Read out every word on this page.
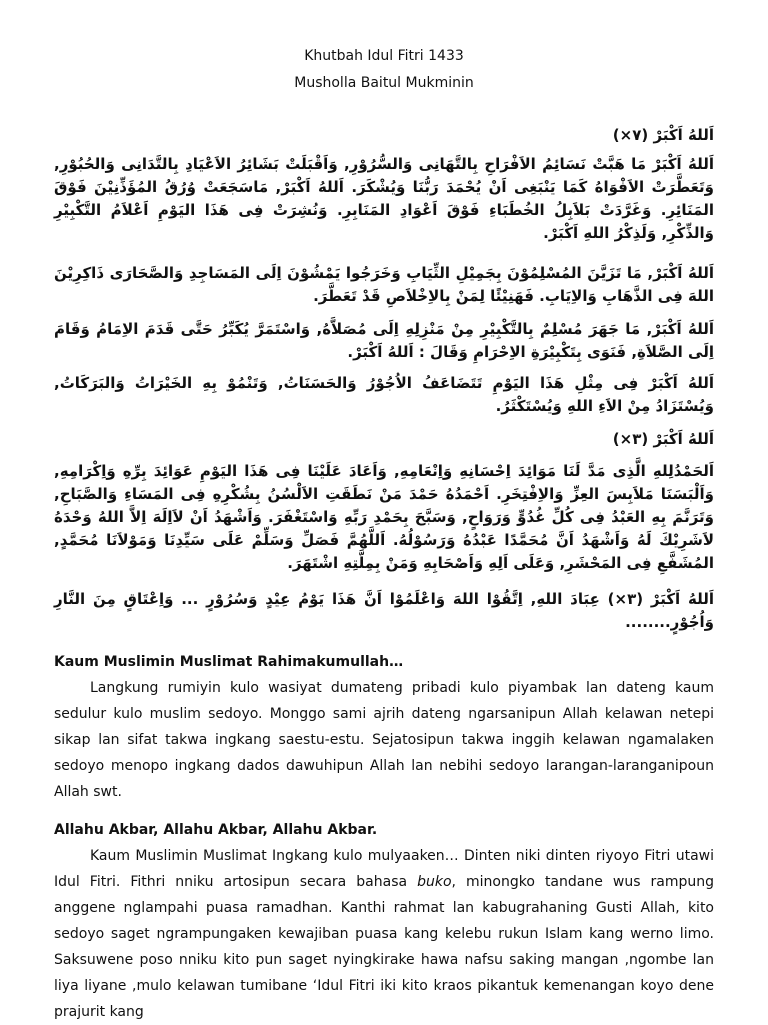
Khutbah Idul Fitri 1433
Musholla Baitul Mukminin
اَللهُ اَكْبَرْ (٧×)
اَللهُ اَكْبَرْ مَا هَبَّتْ نَسَائِمُ الاَفْرَاحِ بِالتَّهَانِى وَالسُّرُوْرِ, وَاَقْبَلَتْ بَشَائِرُ الاَعْيَادِ بِالتَّدَانِى وَالحُبُوْرِ, وَتَعَطَّرَتْ الاَفْوَاهُ كَمَا يَنْبَغِى اَنْ يُحْمَدَ رَبُّنَا وَيُشْكَرَ. اَللهُ اَكْبَرْ, مَاسَجَعَتْ وُرُقُ المُؤَذِّنِيْنَ فَوْقَ المَنَائِرِ. وَغَرَّدَتْ بَلاَبِلُ الخُطَبَاءِ فَوْقَ اَعْوَادِ المَنَابِرِ. وَنُشِرَتْ فِى هَذَا اليَوْمِ اَعْلاَمُ التَّكْبِيْرِ وَالذِّكْرِ, وَلَذِكْرُ اللهِ اَكْبَرْ.
اَللهُ اَكْبَرْ, مَا تَزَيَّنَ المُسْلِمُوْنَ بِجَمِيْلِ الثِّيَابِ وَخَرَجُوا يَمْشُوْنَ اِلَى المَسَاجِدِ وَالصَّحَارَى ذَاكِرِيْنَ اللهَ فِى الذَّهَابِ وَالاِيَابِ. فَهَنِيْئًا لِمَنْ بِالاِخْلاَصِ قَدْ تَعَطَّرَ.
اَللهُ اَكْبَرْ, مَا جَهَرَ مُسْلِمٌ بِالتَّكْبِيْرِ مِنْ مَنْزِلِهِ اِلَى مُصَلاَّهُ, وَاسْتَمَرَّ يُكَبِّرُ حَتَّى قَدَمَ الاِمَامُ وَقَامَ اِلَى الصَّلاَةِ, فَنَوَى بِتَكْبِيْرَةِ الاِحْرَامِ وَقَالَ : اَللهُ اَكْبَرْ.
اَللهُ اَكْبَرْ فِى مِثْلِ هَذَا اليَوْمِ تَتَضَاعَفُ الاُجُوْرُ وَالحَسَنَاتُ, وَتَنْمُوْ بِهِ الخَيْرَاتُ وَالبَرَكَاتُ, وَيُسْتَزَادُ مِنْ الاَءِ اللهِ وَيُسْتَكْثَرُ.
اَللهُ اَكْبَرْ (٣×)
اَلحَمْدُلِلهِ الَّذِى مَدَّ لَنَا مَوَائِدَ اِحْسَانِهِ وَاِنْعَامِهِ, وَاَعَادَ عَلَيْنَا فِى هَذَا اليَوْمِ عَوَائِدَ بِرِّهِ وَاِكْرَامِهِ, وَاَلْبَسَنَا مَلاَبِسَ العِزِّ وَالاِفْتِخَرِ. اَحْمَدُهُ حَمْدَ مَنْ نَطَقَتِ الاَلْسُنُ بِشُكْرِهِ فِى المَسَاءِ وَالصَّبَاحِ, وَتَرَنَّمَ بِهِ العَبْدُ فِى كُلِّ غُدُوٍّ وَرَوَاحٍ, وَسَبَّحَ بِحَمْدِ رَبِّهِ وَاسْتَغْفَرَ. وَاَشْهَدُ اَنْ لاَاِلَهَ اِلاَّ اللهُ وَحْدَهُ لاَشَرِيْكَ لَهُ وَاَشْهَدُ اَنَّ مُحَمَّدًا عَبْدُهُ وَرَسُوْلُهُ. اَللَّهُمَّ فَصَلِّ وَسَلِّمْ عَلَى سَيِّدِنَا وَمَوْلاَنَا مُحَمَّدٍ, المُشَفَّعِ فِى المَحْشَرِ, وَعَلَى اَلِهِ وَاَصْحَابِهِ وَمَنْ بِمِلَّتِهِ اشْتَهَرَ.
اَللهُ اَكْبَرْ (٣×) عِبَادَ اللهِ, اِتَّقُوْا اللهَ وَاعْلَمُوْا اَنَّ هَذَا يَوْمُ عِيْدٍ وَسُرُوْرٍ ... وَاِعْتَاقٍ مِنَ النَّارِ وَاُجُوْرٍ........
Kaum Muslimin Muslimat Rahimakumullah…

Langkung rumiyin kulo wasiyat dumateng pribadi kulo piyambak lan dateng kaum sedulur kulo muslim sedoyo. Monggo sami ajrih dateng ngarsanipun Allah kelawan netepi sikap lan sifat takwa ingkang saestu-estu. Sejatosipun takwa inggih kelawan ngamalaken sedoyo menopo ingkang dados dawuhipun Allah lan nebihi sedoyo larangan-laranganipoun Allah swt.

Allahu Akbar, Allahu Akbar, Allahu Akbar.

Kaum Muslimin Muslimat Ingkang kulo mulyaaken… Dinten niki dinten riyoyo Fitri utawi Idul Fitri. Fithri nniku artosipun secara bahasa buko, minongko tandane wus rampung anggene nglampahi puasa ramadhan. Kanthi rahmat lan kabugrahaning Gusti Allah, kito sedoyo saget ngrampungaken kewajiban puasa kang kelebu rukun Islam kang werno limo. Saksuwene poso nniku kito pun saget nyingkirake hawa nafsu saking mangan ,ngombe lan liya liyane ,mulo kelawan tumibane ‘Idul Fitri iki kito kraos pikantuk kemenangan koyo dene prajurit kang
